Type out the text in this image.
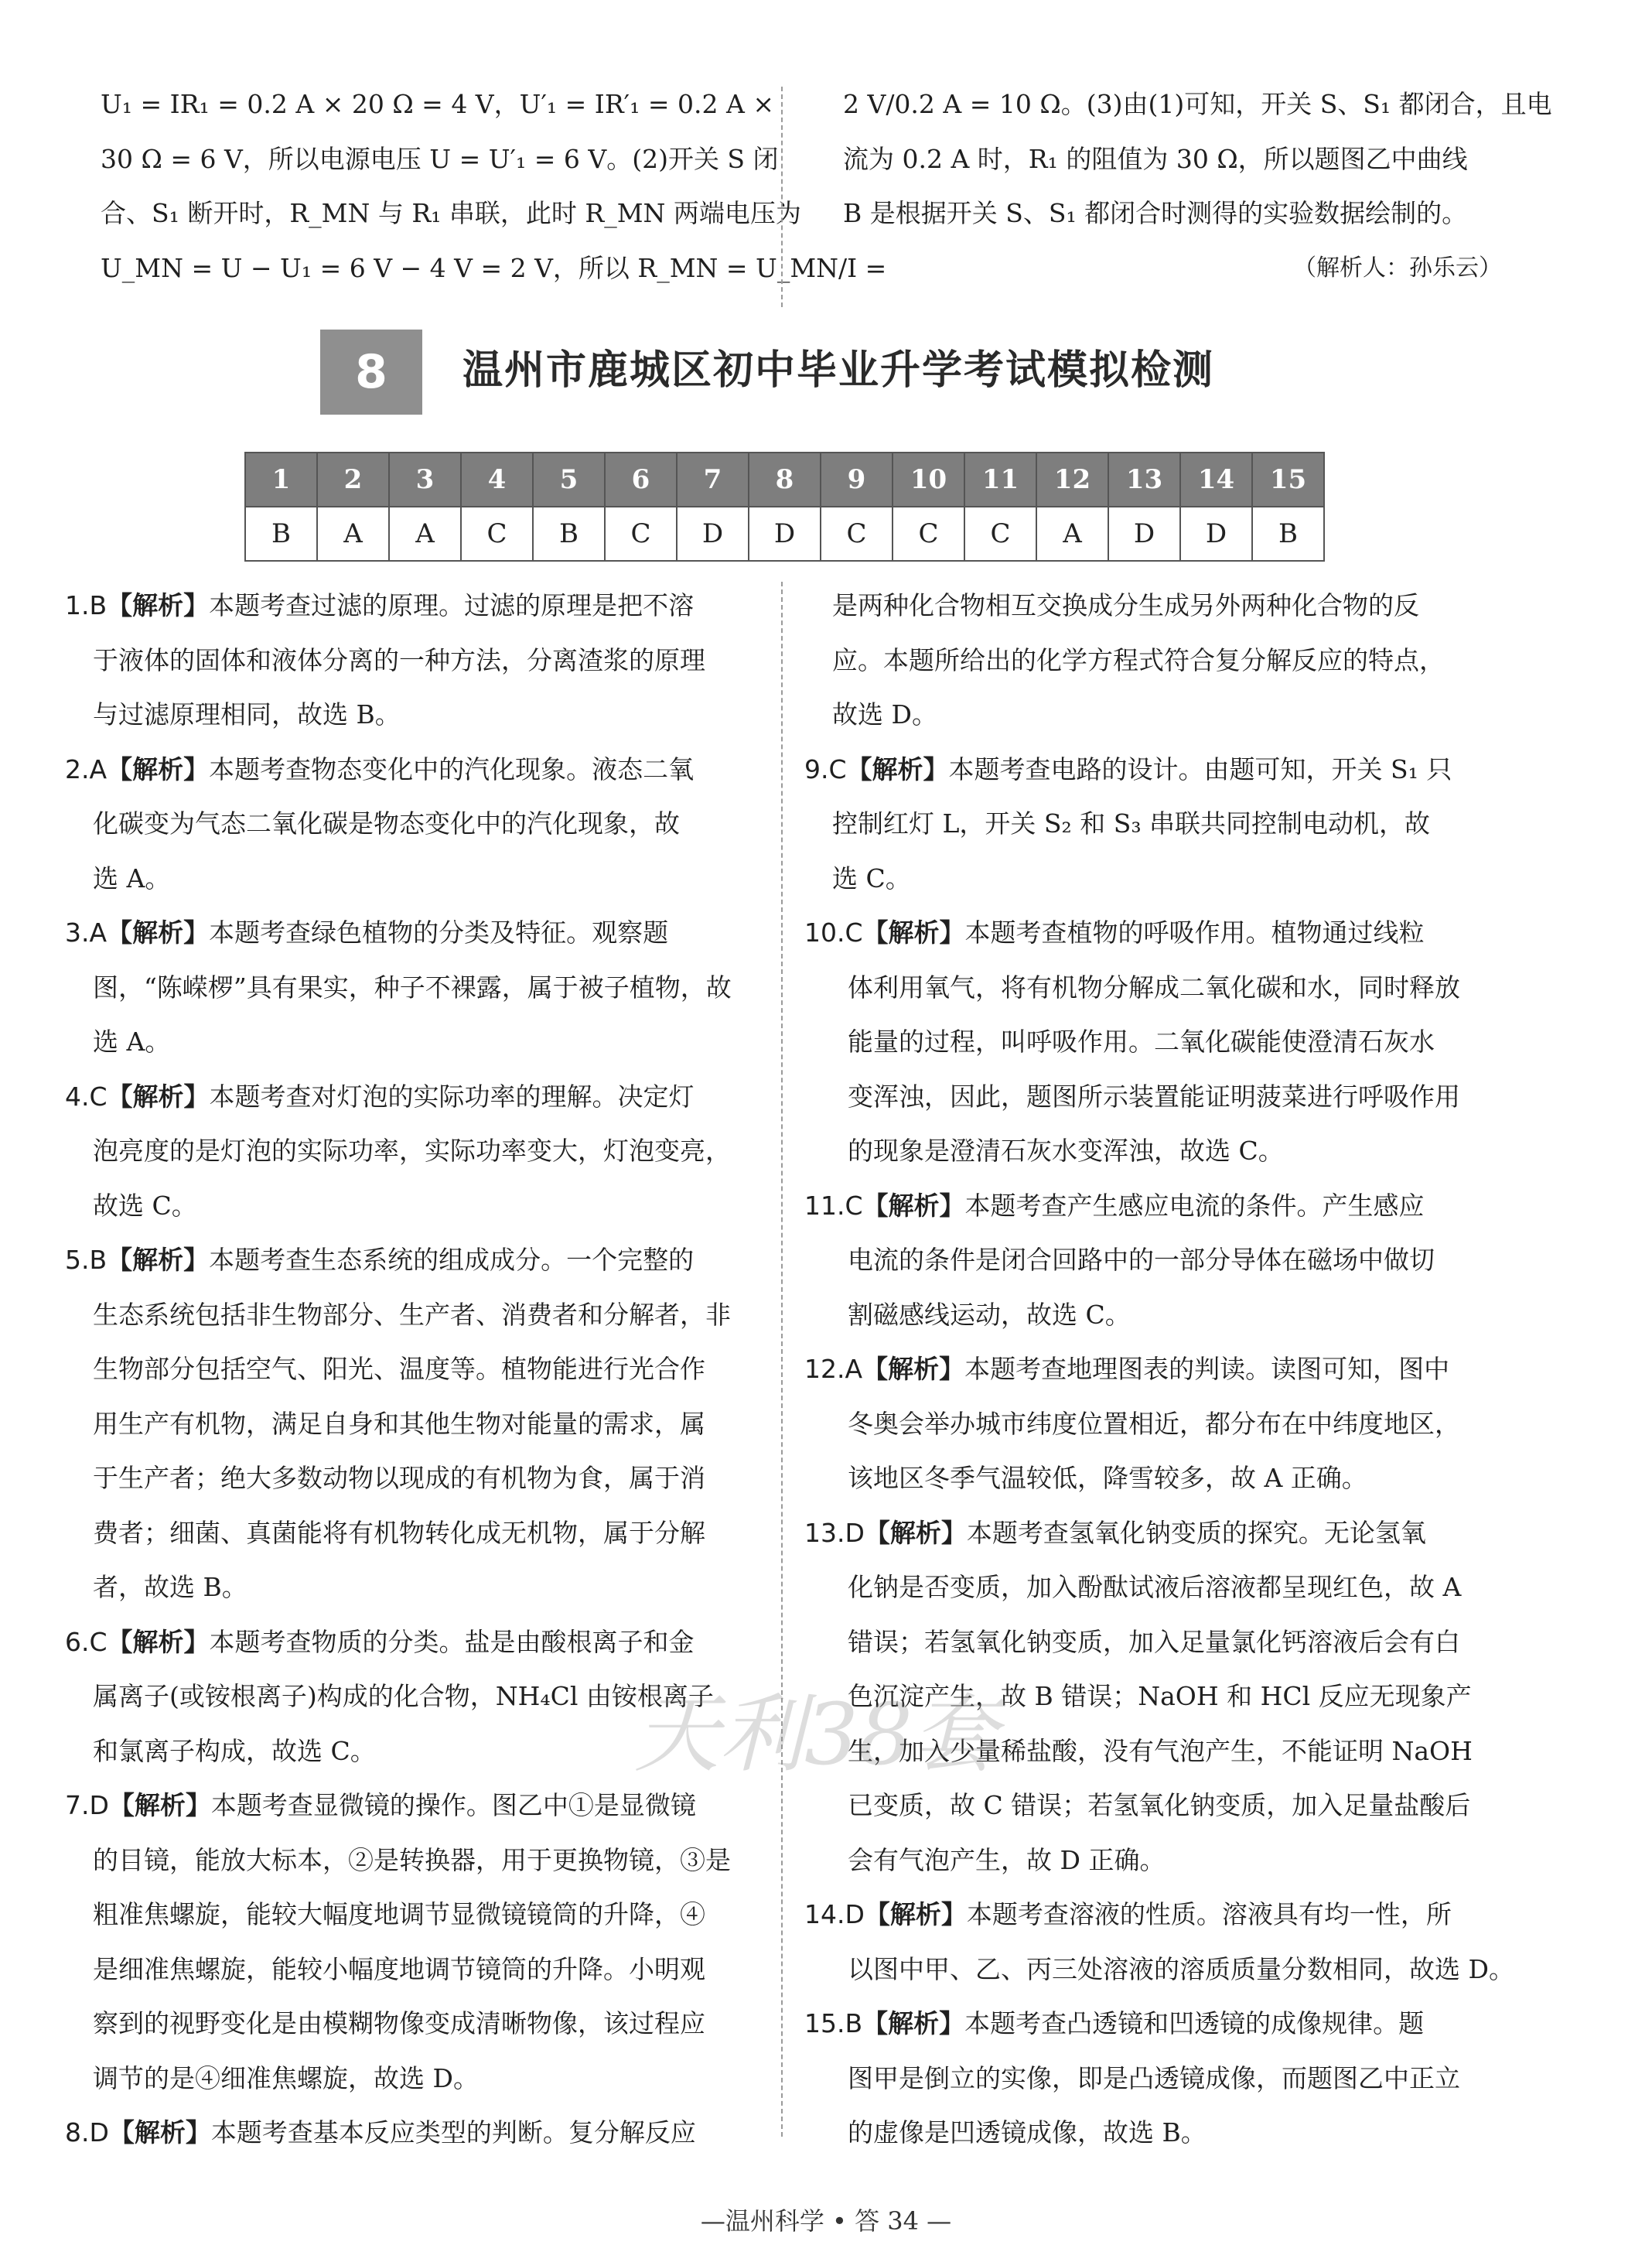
U₁ = IR₁ = 0.2 A × 20 Ω = 4 V，U′₁ = IR′₁ = 0.2 A ×
30 Ω = 6 V，所以电源电压 U = U′₁ = 6 V。(2)开关 S 闭
合、S₁ 断开时，R_MN 与 R₁ 串联，此时 R_MN 两端电压为
U_MN = U − U₁ = 6 V − 4 V = 2 V，所以 R_MN = U_MN/I =
2 V/0.2 A = 10 Ω。(3)由(1)可知，开关 S、S₁ 都闭合，且电
流为 0.2 A 时，R₁ 的阻值为 30 Ω，所以题图乙中曲线
B 是根据开关 S、S₁ 都闭合时测得的实验数据绘制的。
（解析人：孙乐云）
8	温州市鹿城区初中毕业升学考试模拟检测
1	2	3	4	5	6	7	8	9	10	11	12	13	14	15
B	A	A	C	B	C	D	D	C	C	C	A	D	D	B
1.B【解析】本题考查过滤的原理。过滤的原理是把不溶
于液体的固体和液体分离的一种方法，分离渣浆的原理
与过滤原理相同，故选 B。
2.A【解析】本题考查物态变化中的汽化现象。液态二氧
化碳变为气态二氧化碳是物态变化中的汽化现象，故
选 A。
3.A【解析】本题考查绿色植物的分类及特征。观察题
图，“陈嵘椤”具有果实，种子不裸露，属于被子植物，故
选 A。
4.C【解析】本题考查对灯泡的实际功率的理解。决定灯
泡亮度的是灯泡的实际功率，实际功率变大，灯泡变亮，
故选 C。
5.B【解析】本题考查生态系统的组成成分。一个完整的
生态系统包括非生物部分、生产者、消费者和分解者，非
生物部分包括空气、阳光、温度等。植物能进行光合作
用生产有机物，满足自身和其他生物对能量的需求，属
于生产者；绝大多数动物以现成的有机物为食，属于消
费者；细菌、真菌能将有机物转化成无机物，属于分解
者，故选 B。
6.C【解析】本题考查物质的分类。盐是由酸根离子和金
属离子(或铵根离子)构成的化合物，NH₄Cl 由铵根离子
和氯离子构成，故选 C。
7.D【解析】本题考查显微镜的操作。图乙中①是显微镜
的目镜，能放大标本，②是转换器，用于更换物镜，③是
粗准焦螺旋，能较大幅度地调节显微镜镜筒的升降，④
是细准焦螺旋，能较小幅度地调节镜筒的升降。小明观
察到的视野变化是由模糊物像变成清晰物像，该过程应
调节的是④细准焦螺旋，故选 D。
8.D【解析】本题考查基本反应类型的判断。复分解反应
是两种化合物相互交换成分生成另外两种化合物的反
应。本题所给出的化学方程式符合复分解反应的特点，
故选 D。
9.C【解析】本题考查电路的设计。由题可知，开关 S₁ 只
控制红灯 L，开关 S₂ 和 S₃ 串联共同控制电动机，故
选 C。
10.C【解析】本题考查植物的呼吸作用。植物通过线粒
体利用氧气，将有机物分解成二氧化碳和水，同时释放
能量的过程，叫呼吸作用。二氧化碳能使澄清石灰水
变浑浊，因此，题图所示装置能证明菠菜进行呼吸作用
的现象是澄清石灰水变浑浊，故选 C。
11.C【解析】本题考查产生感应电流的条件。产生感应
电流的条件是闭合回路中的一部分导体在磁场中做切
割磁感线运动，故选 C。
12.A【解析】本题考查地理图表的判读。读图可知，图中
冬奥会举办城市纬度位置相近，都分布在中纬度地区，
该地区冬季气温较低，降雪较多，故 A 正确。
13.D【解析】本题考查氢氧化钠变质的探究。无论氢氧
化钠是否变质，加入酚酞试液后溶液都呈现红色，故 A
错误；若氢氧化钠变质，加入足量氯化钙溶液后会有白
色沉淀产生，故 B 错误；NaOH 和 HCl 反应无现象产
生，加入少量稀盐酸，没有气泡产生，不能证明 NaOH
已变质，故 C 错误；若氢氧化钠变质，加入足量盐酸后
会有气泡产生，故 D 正确。
14.D【解析】本题考查溶液的性质。溶液具有均一性，所
以图中甲、乙、丙三处溶液的溶质质量分数相同，故选 D。
15.B【解析】本题考查凸透镜和凹透镜的成像规律。题
图甲是倒立的实像，即是凸透镜成像，而题图乙中正立
的虚像是凹透镜成像，故选 B。
天利38套
—温州科学 • 答 34 —
